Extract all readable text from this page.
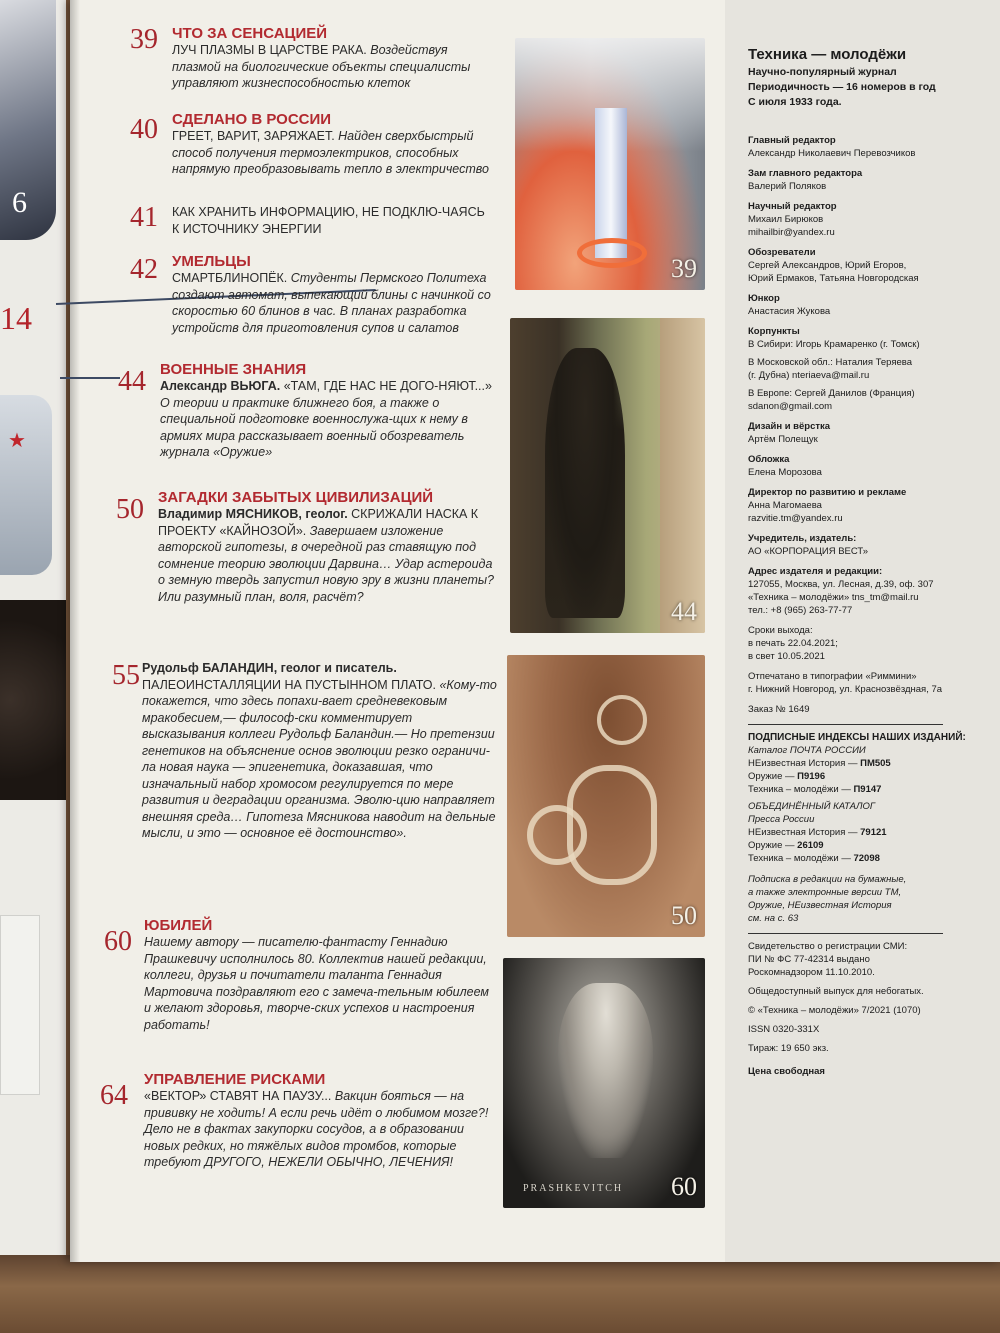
6
14
★
39 ЧТО ЗА СЕНСАЦИЕЙ
ЛУЧ ПЛАЗМЫ В ЦАРСТВЕ РАКА. Воздействуя плазмой на биологические объекты специалисты управляют жизнеспособностью клеток
40 СДЕЛАНО В РОССИИ
ГРЕЕТ, ВАРИТ, ЗАРЯЖАЕТ. Найден сверхбыстрый способ получения термоэлектриков, способных напрямую преобразовывать тепло в электричество
41 КАК ХРАНИТЬ ИНФОРМАЦИЮ, НЕ ПОДКЛЮ-ЧАЯСЬ К ИСТОЧНИКУ ЭНЕРГИИ
42 УМЕЛЬЦЫ
СМАРТБЛИНОПЁК. Студенты Пермского Политеха создают автомат, выпекающий блины с начинкой со скоростью 60 блинов в час. В планах разработка устройств для приготовления супов и салатов
44 ВОЕННЫЕ ЗНАНИЯ
Александр ВЬЮГА. «ТАМ, ГДЕ НАС НЕ ДОГО-НЯЮТ...» О теории и практике ближнего боя, а также о специальной подготовке военнослужа-щих к нему в армиях мира рассказывает военный обозреватель журнала «Оружие»
50 ЗАГАДКИ ЗАБЫТЫХ ЦИВИЛИЗАЦИЙ
Владимир МЯСНИКОВ, геолог. СКРИЖАЛИ НАСКА К ПРОЕКТУ «КАЙНОЗОЙ». Завершаем изложение авторской гипотезы, в очередной раз ставящую под сомнение теорию эволюции Дарвина… Удар астероида о земную твердь запустил новую эру в жизни планеты? Или разумный план, воля, расчёт?
55 Рудольф БАЛАНДИН, геолог и писатель. ПАЛЕОИНСТАЛЛЯЦИИ НА ПУСТЫННОМ ПЛАТО. «Кому-то покажется, что здесь попахи-вает средневековым мракобесием,— философ-ски комментирует высказывания коллеги Рудольф Баландин.— Но претензии генетиков на объяснение основ эволюции резко ограничи-ла новая наука — эпигенетика, доказавшая, что изначальный набор хромосом регулируется по мере развития и деградации организма. Эволю-цию направляет внешняя среда… Гипотеза Мясникова наводит на дельные мысли, и это — основное её достоинство».
60
ЮБИЛЕЙ
Нашему автору — писателю-фантасту Геннадию Прашкевичу исполнилось 80. Коллектив нашей редакции, коллеги, друзья и почитатели таланта Геннадия Мартовича поздравляют его с замеча-тельным юбилеем и желают здоровья, творче-ских успехов и настроения работать!
64
УПРАВЛЕНИЕ РИСКАМИ
«ВЕКТОР» СТАВЯТ НА ПАУЗУ... Вакцин бояться — на прививку не ходить! А если речь идёт о любимом мозге?! Дело не в фактах закупорки сосудов, а в образовании новых редких, но тяжёлых видов тромбов, которые требуют ДРУГОГО, НЕЖЕЛИ ОБЫЧНО, ЛЕЧЕНИЯ!
39
44
50
PRASHKEVITCH 60
Техника — молодёжи
Научно-популярный журнал
Периодичность — 16 номеров в год
С июля 1933 года.
Главный редактор
Александр Николаевич Перевозчиков
Зам главного редактора
Валерий Поляков
Научный редактор
Михаил Бирюков
mihailbir@yandex.ru
Обозреватели
Сергей Александров, Юрий Егоров,
Юрий Ермаков, Татьяна Новгородская
Юнкор
Анастасия Жукова
Корпункты
В Сибири: Игорь Крамаренко (г. Томск)
В Московской обл.: Наталия Теряева
(г. Дубна) nteriaeva@mail.ru
В Европе: Сергей Данилов (Франция)
sdanon@gmail.com
Дизайн и вёрстка
Артём Полещук
Обложка
Елена Морозова
Директор по развитию и рекламе
Анна Магомаева
razvitie.tm@yandex.ru
Учредитель, издатель:
АО «КОРПОРАЦИЯ ВЕСТ»
Адрес издателя и редакции:
127055, Москва, ул. Лесная, д.39, оф. 307
«Техника – молодёжи» tns_tm@mail.ru
тел.: +8 (965) 263-77-77
Сроки выхода:
в печать 22.04.2021;
в свет 10.05.2021
Отпечатано в типографии «Риммини»
г. Нижний Новгород, ул. Краснозвёздная, 7а
Заказ № 1649
ПОДПИСНЫЕ ИНДЕКСЫ НАШИХ ИЗДАНИЙ:
Каталог ПОЧТА РОССИИ
НЕизвестная История — ПМ505
Оружие — П9196
Техника – молодёжи — П9147
ОБЪЕДИНЁННЫЙ КАТАЛОГ
Пресса России
НЕизвестная История — 79121
Оружие — 26109
Техника – молодёжи — 72098
Подписка в редакции на бумажные,
а также электронные версии ТМ,
Оружие, НЕизвестная История
см. на с. 63
Свидетельство о регистрации СМИ:
ПИ № ФС 77-42314 выдано
Роскомнадзором 11.10.2010.
Общедоступный выпуск для небогатых.
© «Техника – молодёжи» 7/2021 (1070)
ISSN 0320-331X
Тираж: 19 650 экз.
Цена свободная
